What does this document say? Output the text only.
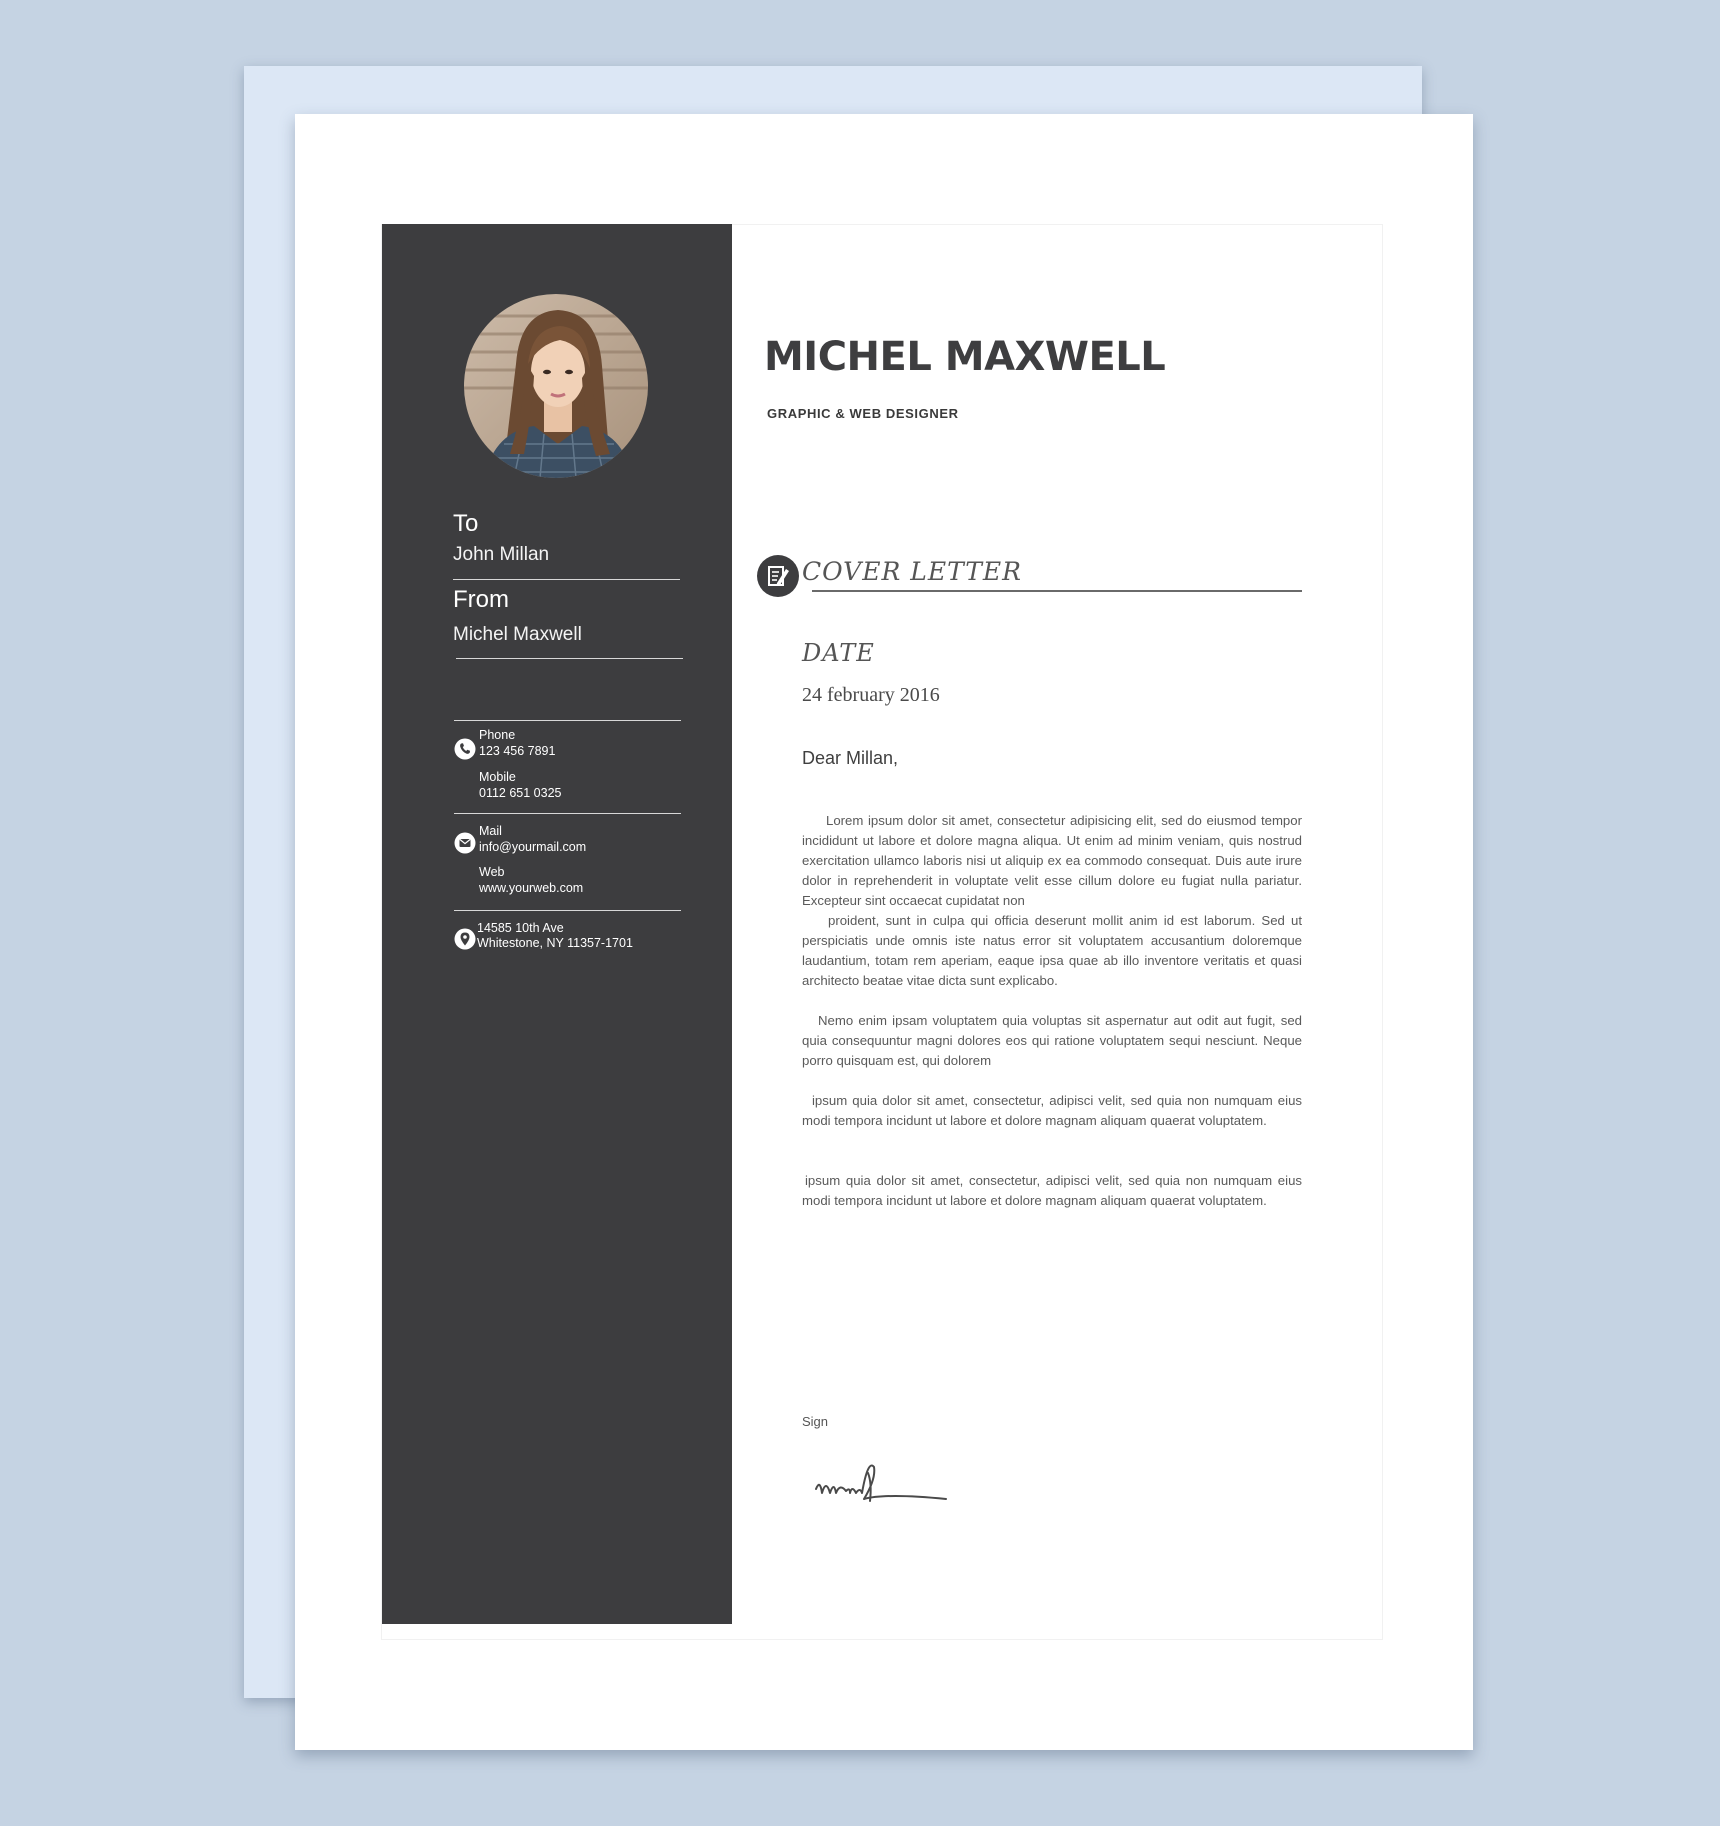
To
John Millan
From
Michel Maxwell
Phone
123 456 7891
Mobile
0112 651 0325
Mail
info@yourmail.com
Web
www.yourweb.com
14585 10th Ave
Whitestone, NY 11357-1701
MICHEL MAXWELL
GRAPHIC & WEB DESIGNER
COVER LETTER
DATE
24 february 2016
Dear Millan,

Lorem ipsum dolor sit amet, consectetur adipisicing elit, sed do eiusmod tempor incididunt ut labore et dolore magna aliqua. Ut enim ad minim veniam, quis nostrud exercitation ullamco laboris nisi ut aliquip ex ea commodo consequat. Duis aute irure dolor in reprehenderit in voluptate velit esse cillum dolore eu fugiat nulla pariatur. Excepteur sint occaecat cupidatat non

proident, sunt in culpa qui officia deserunt mollit anim id est laborum. Sed ut perspiciatis unde omnis iste natus error sit voluptatem accusantium doloremque laudantium, totam rem aperiam, eaque ipsa quae ab illo inventore veritatis et quasi architecto beatae vitae dicta sunt explicabo.

Nemo enim ipsam voluptatem quia voluptas sit aspernatur aut odit aut fugit, sed quia consequuntur magni dolores eos qui ratione voluptatem sequi nesciunt. Neque porro quisquam est, qui dolorem

ipsum quia dolor sit amet, consectetur, adipisci velit, sed quia non numquam eius modi tempora incidunt ut labore et dolore magnam aliquam quaerat voluptatem.

ipsum quia dolor sit amet, consectetur, adipisci velit, sed quia non numquam eius modi tempora incidunt ut labore et dolore magnam aliquam quaerat voluptatem.

Sign
